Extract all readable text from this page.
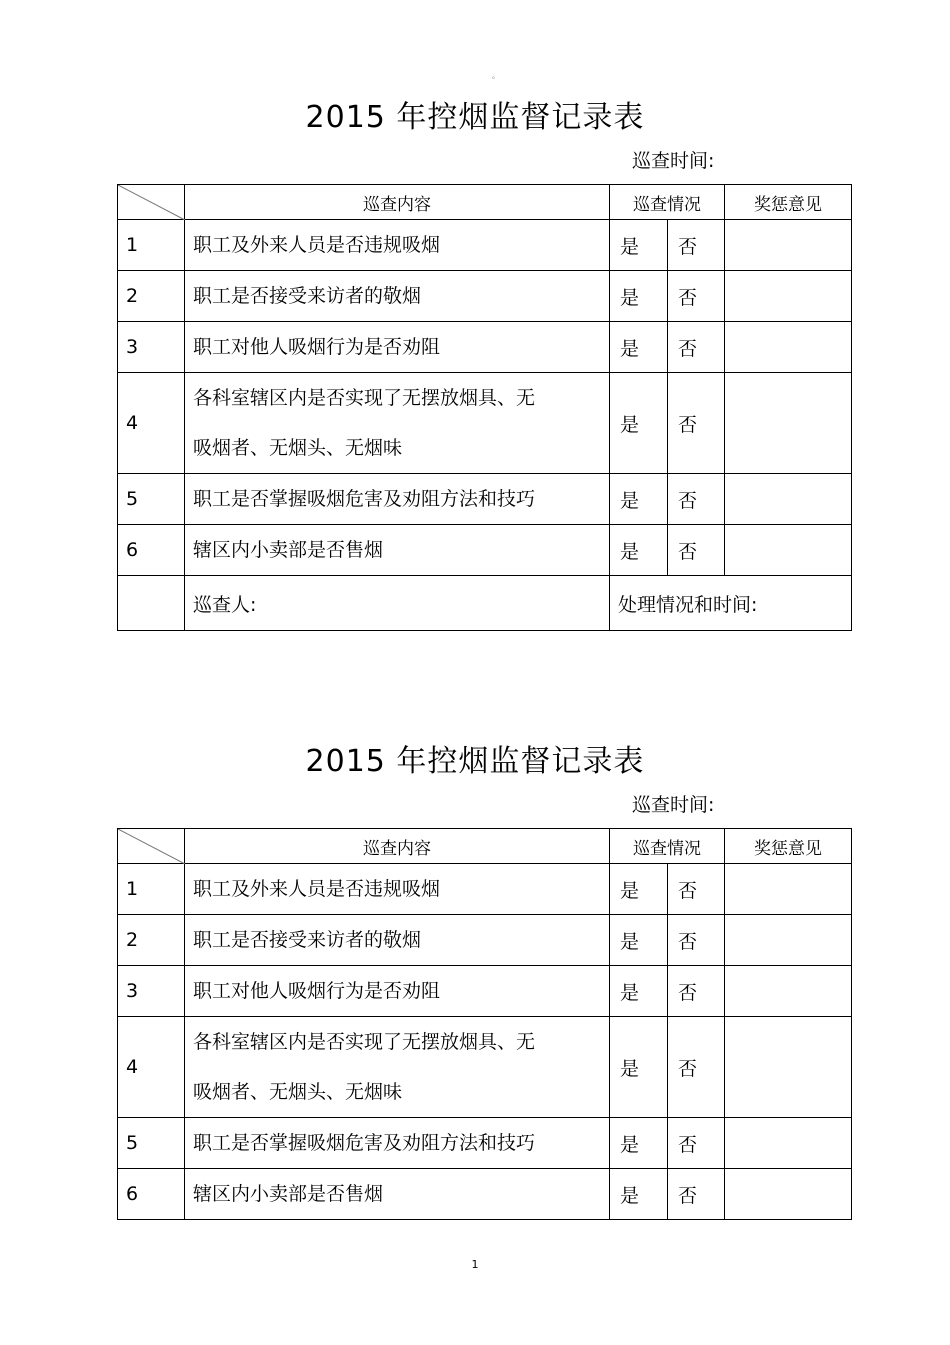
。
2015 年控烟监督记录表
巡查时间:
	巡查内容	巡查情况		奖惩意见
1	职工及外来人员是否违规吸烟	是	否	
2	职工是否接受来访者的敬烟	是	否	
3	职工对他人吸烟行为是否劝阻	是	否	
4	各科室辖区内是否实现了无摆放烟具、无
吸烟者、无烟头、无烟味	是	否	
5	职工是否掌握吸烟危害及劝阻方法和技巧	是	否	
6	辖区内小卖部是否售烟	是	否	
	巡查人:	处理情况和时间:		
2015 年控烟监督记录表
巡查时间:
	巡查内容	巡查情况		奖惩意见
1	职工及外来人员是否违规吸烟	是	否	
2	职工是否接受来访者的敬烟	是	否	
3	职工对他人吸烟行为是否劝阻	是	否	
4	各科室辖区内是否实现了无摆放烟具、无
吸烟者、无烟头、无烟味	是	否	
5	职工是否掌握吸烟危害及劝阻方法和技巧	是	否	
6	辖区内小卖部是否售烟	是	否	
1
